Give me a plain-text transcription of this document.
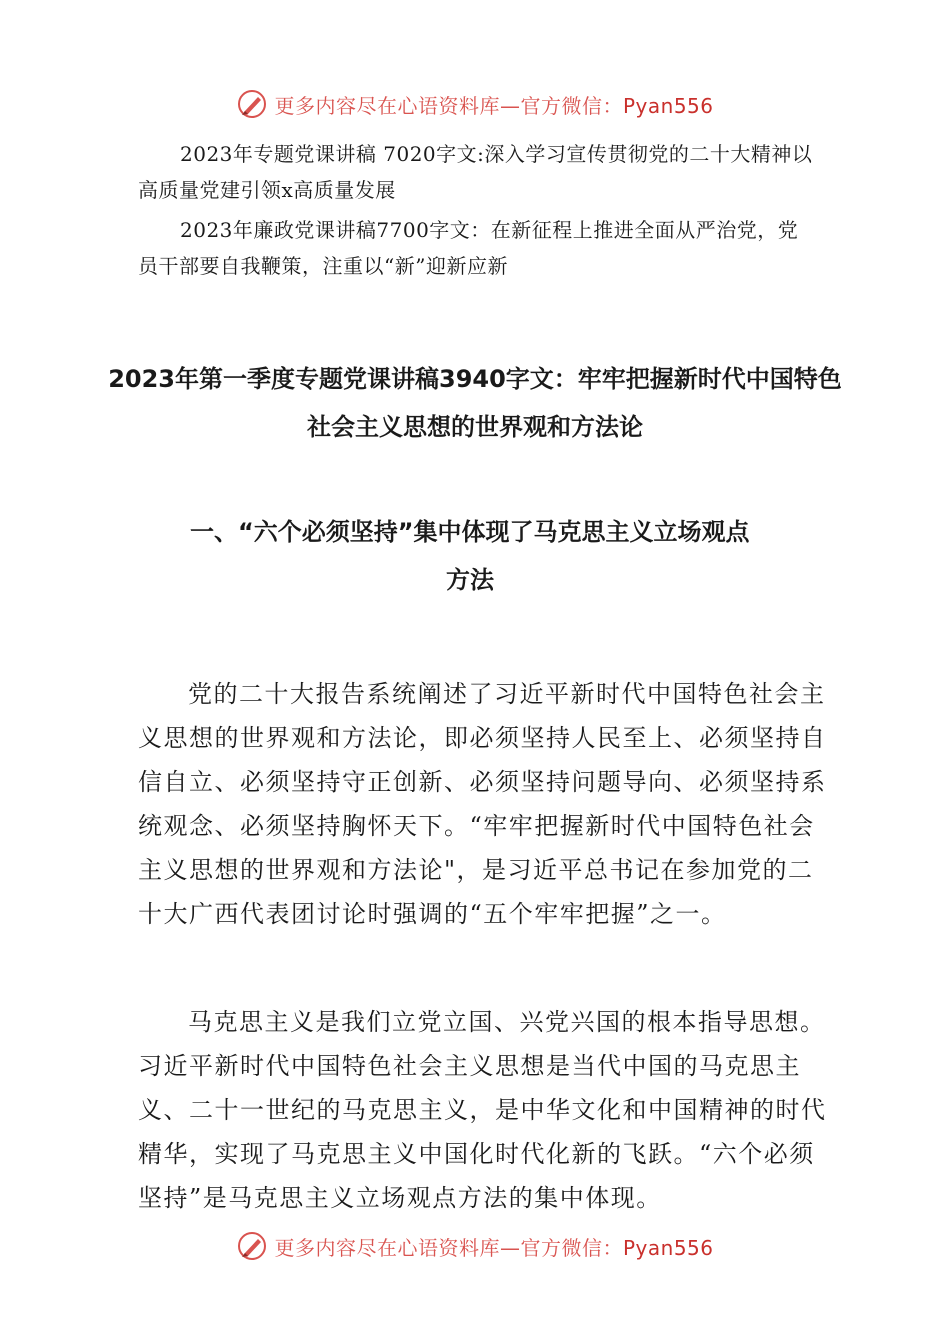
更多内容尽在心语资料库—官方微信：Pyan556

2023年专题党课讲稿 7020字文:深入学习宣传贯彻党的二十大精神以高质量党建引领x高质量发展

2023年廉政党课讲稿7700字文：在新征程上推进全面从严治党，党员干部要自我鞭策，注重以“新”迎新应新

2023年第一季度专题党课讲稿3940字文：牢牢把握新时代中国特色社会主义思想的世界观和方法论
一、“六个必须坚持”集中体现了马克思主义立场观点
方法

党的二十大报告系统阐述了习近平新时代中国特色社会主义思想的世界观和方法论，即必须坚持人民至上、必须坚持自信自立、必须坚持守正创新、必须坚持问题导向、必须坚持系统观念、必须坚持胸怀天下。“牢牢把握新时代中国特色社会主义思想的世界观和方法论"，是习近平总书记在参加党的二十大广西代表团讨论时强调的“五个牢牢把握”之一。

马克思主义是我们立党立国、兴党兴国的根本指导思想。习近平新时代中国特色社会主义思想是当代中国的马克思主义、二十一世纪的马克思主义，是中华文化和中国精神的时代精华，实现了马克思主义中国化时代化新的飞跃。“六个必须坚持”是马克思主义立场观点方法的集中体现。

更多内容尽在心语资料库—官方微信：Pyan556
